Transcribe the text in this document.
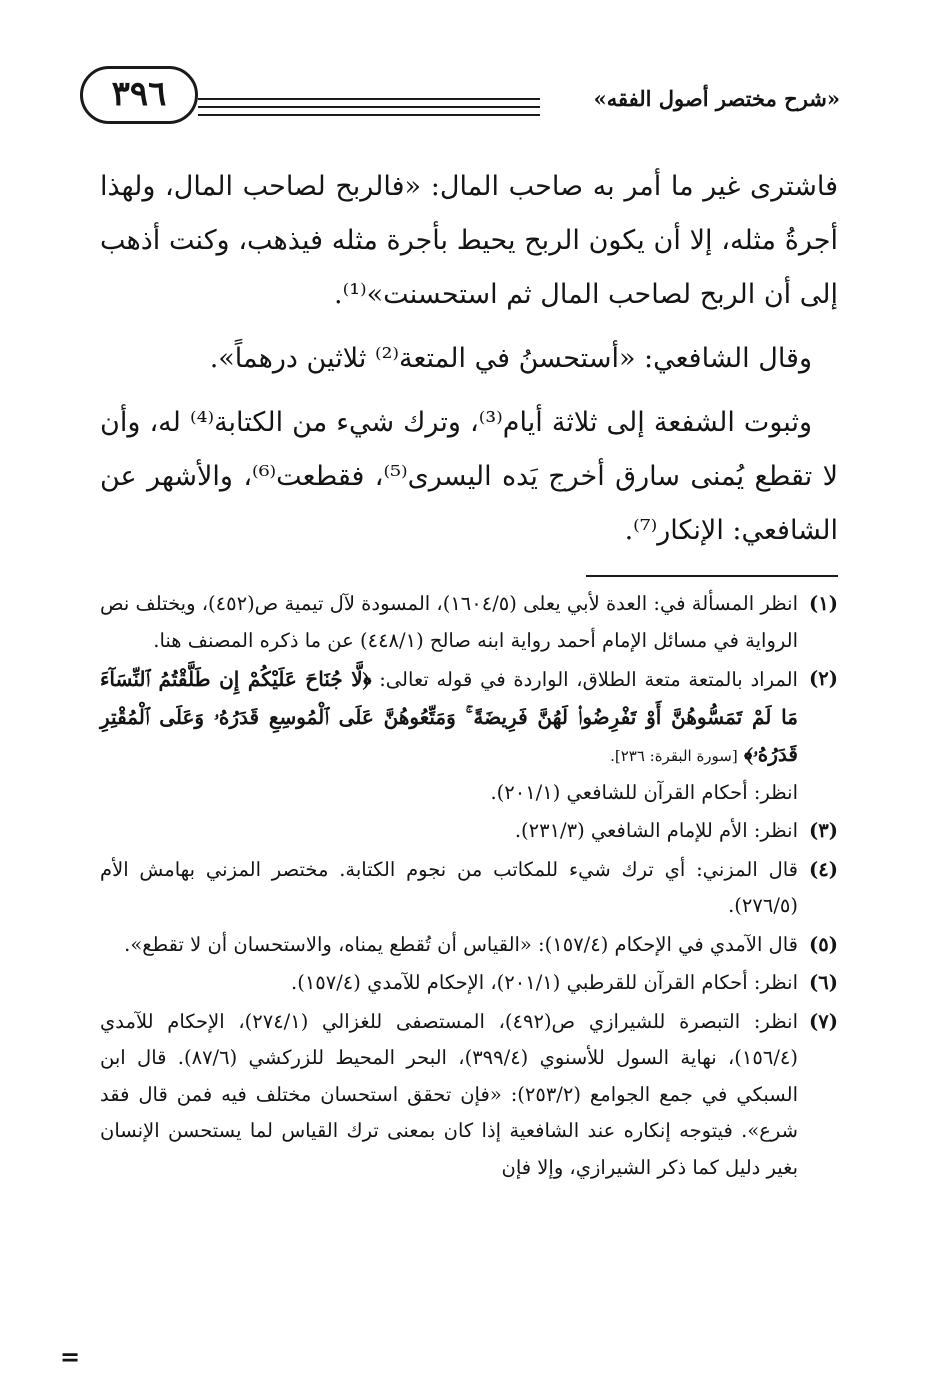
«شرح مختصر أصول الفقه»
٣٩٦

فاشترى غير ما أمر به صاحب المال: «فالربح لصاحب المال، ولهذا أجرةُ مثله، إلا أن يكون الربح يحيط بأجرة مثله فيذهب، وكنت أذهب إلى أن الربح لصاحب المال ثم استحسنت»⁽¹⁾.

وقال الشافعي: «أستحسنُ في المتعة⁽²⁾ ثلاثين درهماً».

وثبوت الشفعة إلى ثلاثة أيام⁽³⁾، وترك شيء من الكتابة⁽⁴⁾ له، وأن لا تقطع يُمنى سارق أخرج يَده اليسرى⁽⁵⁾، فقطعت⁽⁶⁾، والأشهر عن الشافعي: الإنكار⁽⁷⁾.

(١)
انظر المسألة في: العدة لأبي يعلى (١٦٠٤/٥)، المسودة لآل تيمية ص(٤٥٢)، ويختلف نص الرواية في مسائل الإمام أحمد رواية ابنه صالح (٤٤٨/١) عن ما ذكره المصنف هنا.
(٢)
المراد بالمتعة متعة الطلاق، الواردة في قوله تعالى: ﴿لَّا جُنَاحَ عَلَيْكُمْ إِن طَلَّقْتُمُ ٱلنِّسَآءَ مَا لَمْ تَمَسُّوهُنَّ أَوْ تَفْرِضُوا۟ لَهُنَّ فَرِيضَةً ۚ وَمَتِّعُوهُنَّ عَلَى ٱلْمُوسِعِ قَدَرُهُۥ وَعَلَى ٱلْمُقْتِرِ قَدَرُهُۥ﴾ [سورة البقرة: ٢٣٦].
انظر: أحكام القرآن للشافعي (٢٠١/١).
(٣)
انظر: الأم للإمام الشافعي (٢٣١/٣).
(٤)
قال المزني: أي ترك شيء للمكاتب من نجوم الكتابة. مختصر المزني بهامش الأم (٢٧٦/٥).
(٥)
قال الآمدي في الإحكام (١٥٧/٤): «القياس أن تُقطع يمناه، والاستحسان أن لا تقطع».
(٦)
انظر: أحكام القرآن للقرطبي (٢٠١/١)، الإحكام للآمدي (١٥٧/٤).
(٧)
انظر: التبصرة للشيرازي ص(٤٩٢)، المستصفى للغزالي (٢٧٤/١)، الإحكام للآمدي (١٥٦/٤)، نهاية السول للأسنوي (٣٩٩/٤)، البحر المحيط للزركشي (٨٧/٦). قال ابن السبكي في جمع الجوامع (٢٥٣/٢): «فإن تحقق استحسان مختلف فيه فمن قال فقد شرع». فيتوجه إنكاره عند الشافعية إذا كان بمعنى ترك القياس لما يستحسن الإنسان بغير دليل كما ذكر الشيرازي، وإلا فإن
=
